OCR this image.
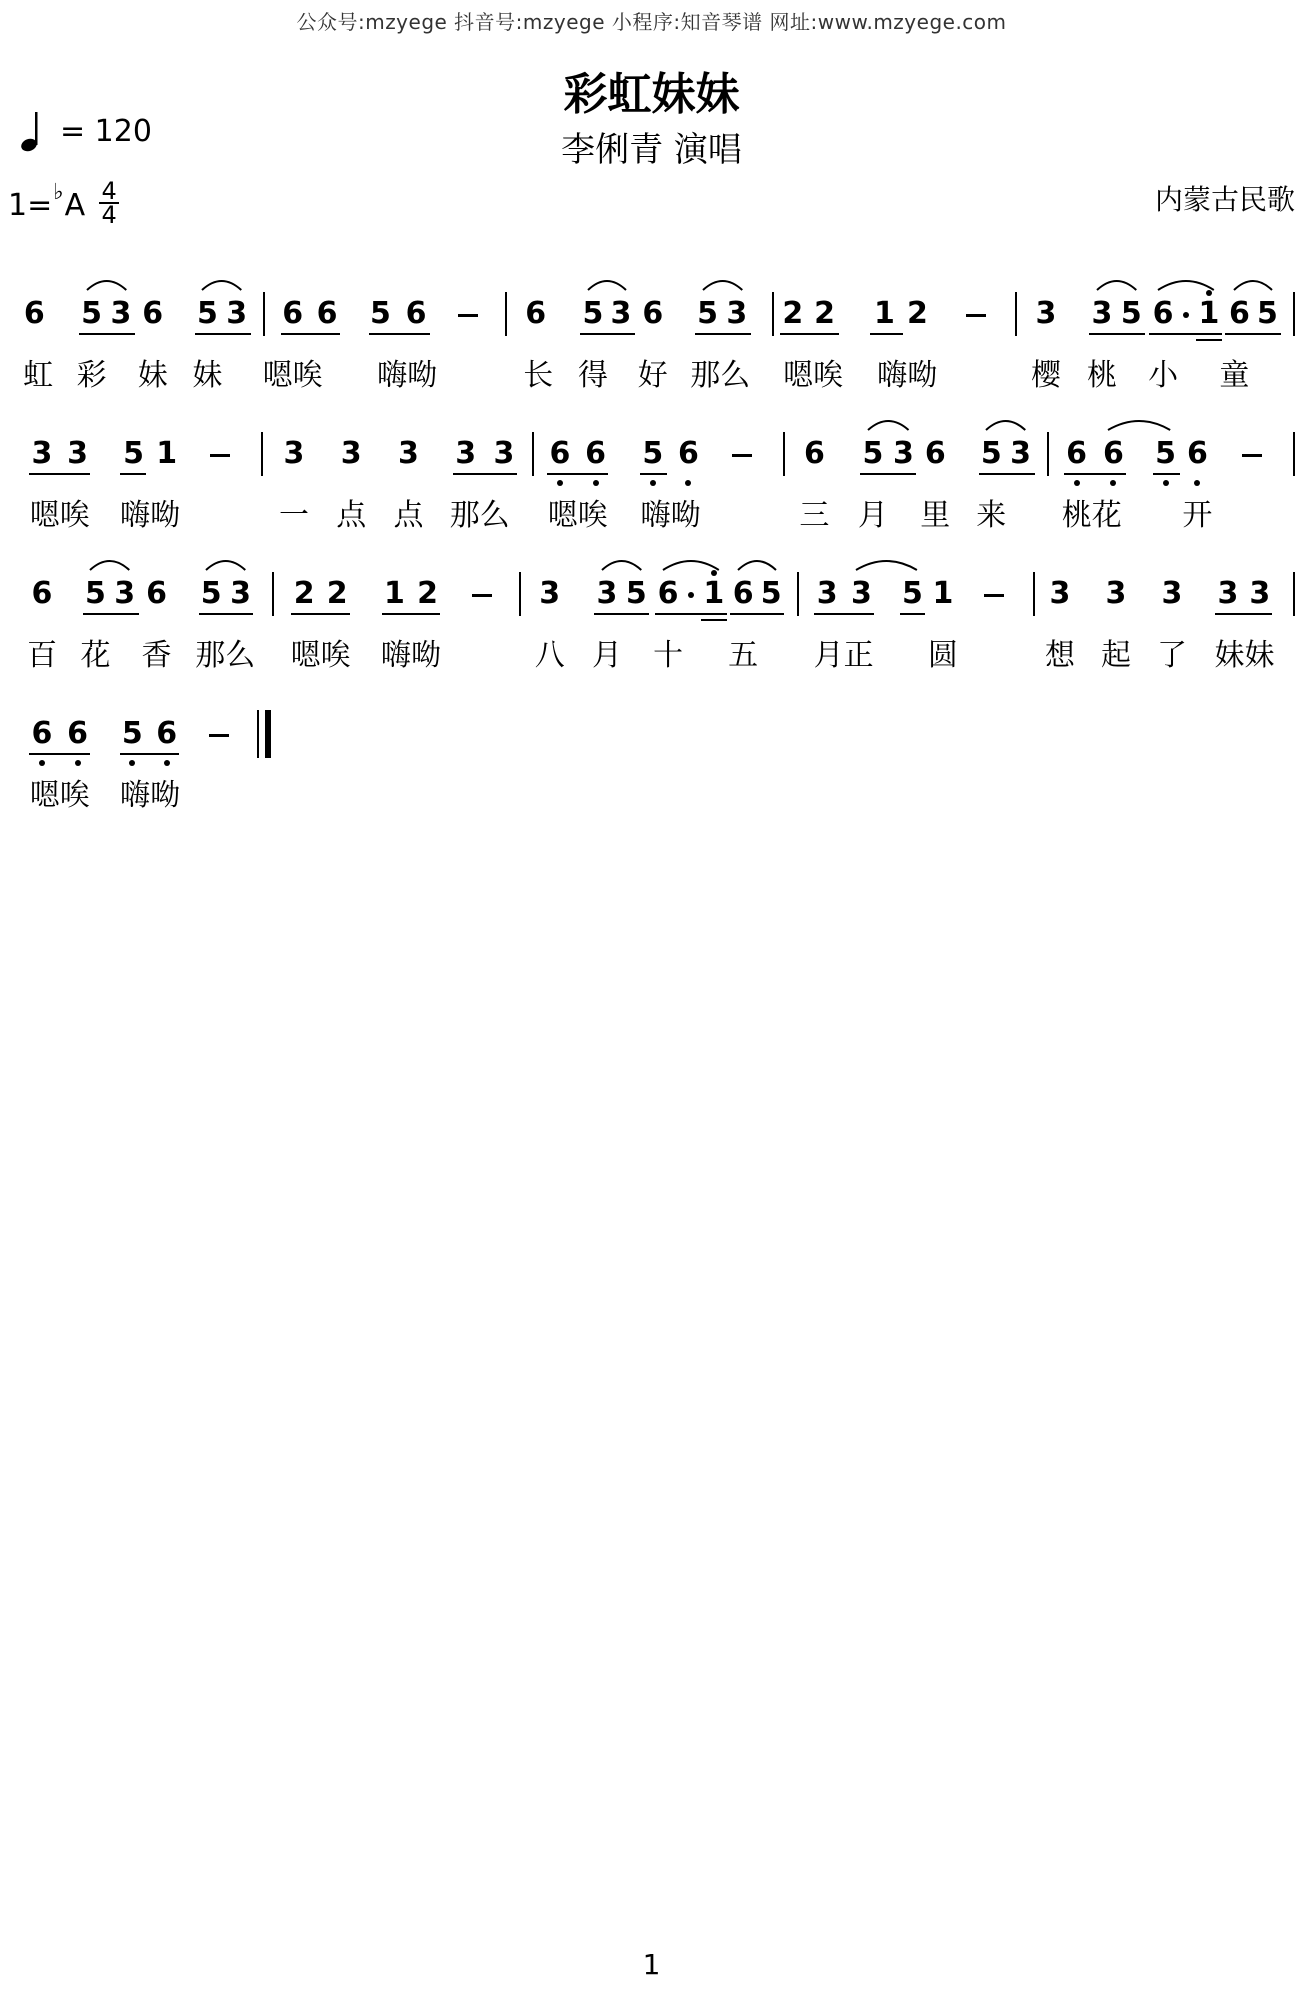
公众号:mzyege 抖音号:mzyege 小程序:知音琴谱 网址:www.mzyege.com
彩虹妹妹
李俐青 演唱
= 120
1= ♭ A 4
4	内蒙古民歌
6 5 3 6 5 3 6 6 5 6	6 5 3 6 5 3 2 2 1 2	3 3 5 6 1 6 5
虹 彩 妹 妹 嗯唉 嗨呦	长 得 好 那么 嗯唉 嗨呦	樱 桃 小 童
3 3 5 1	3 3 3 3 3 6 6 5 6	6 5 3 6 5 3 6 6 5 6
嗯唉 嗨呦	一 点 点 那么 嗯唉 嗨呦	三 月 里 来 桃花 开
6 5 3 6 5 3 2 2 1 2	3 3 5 6 1 6 5 3 3 5 1	3 3 3 3 3
百 花 香 那么 嗯唉 嗨呦	八 月 十 五 月正 圆	想 起 了 妹妹
6 6 5 6
嗯唉 嗨呦
1
